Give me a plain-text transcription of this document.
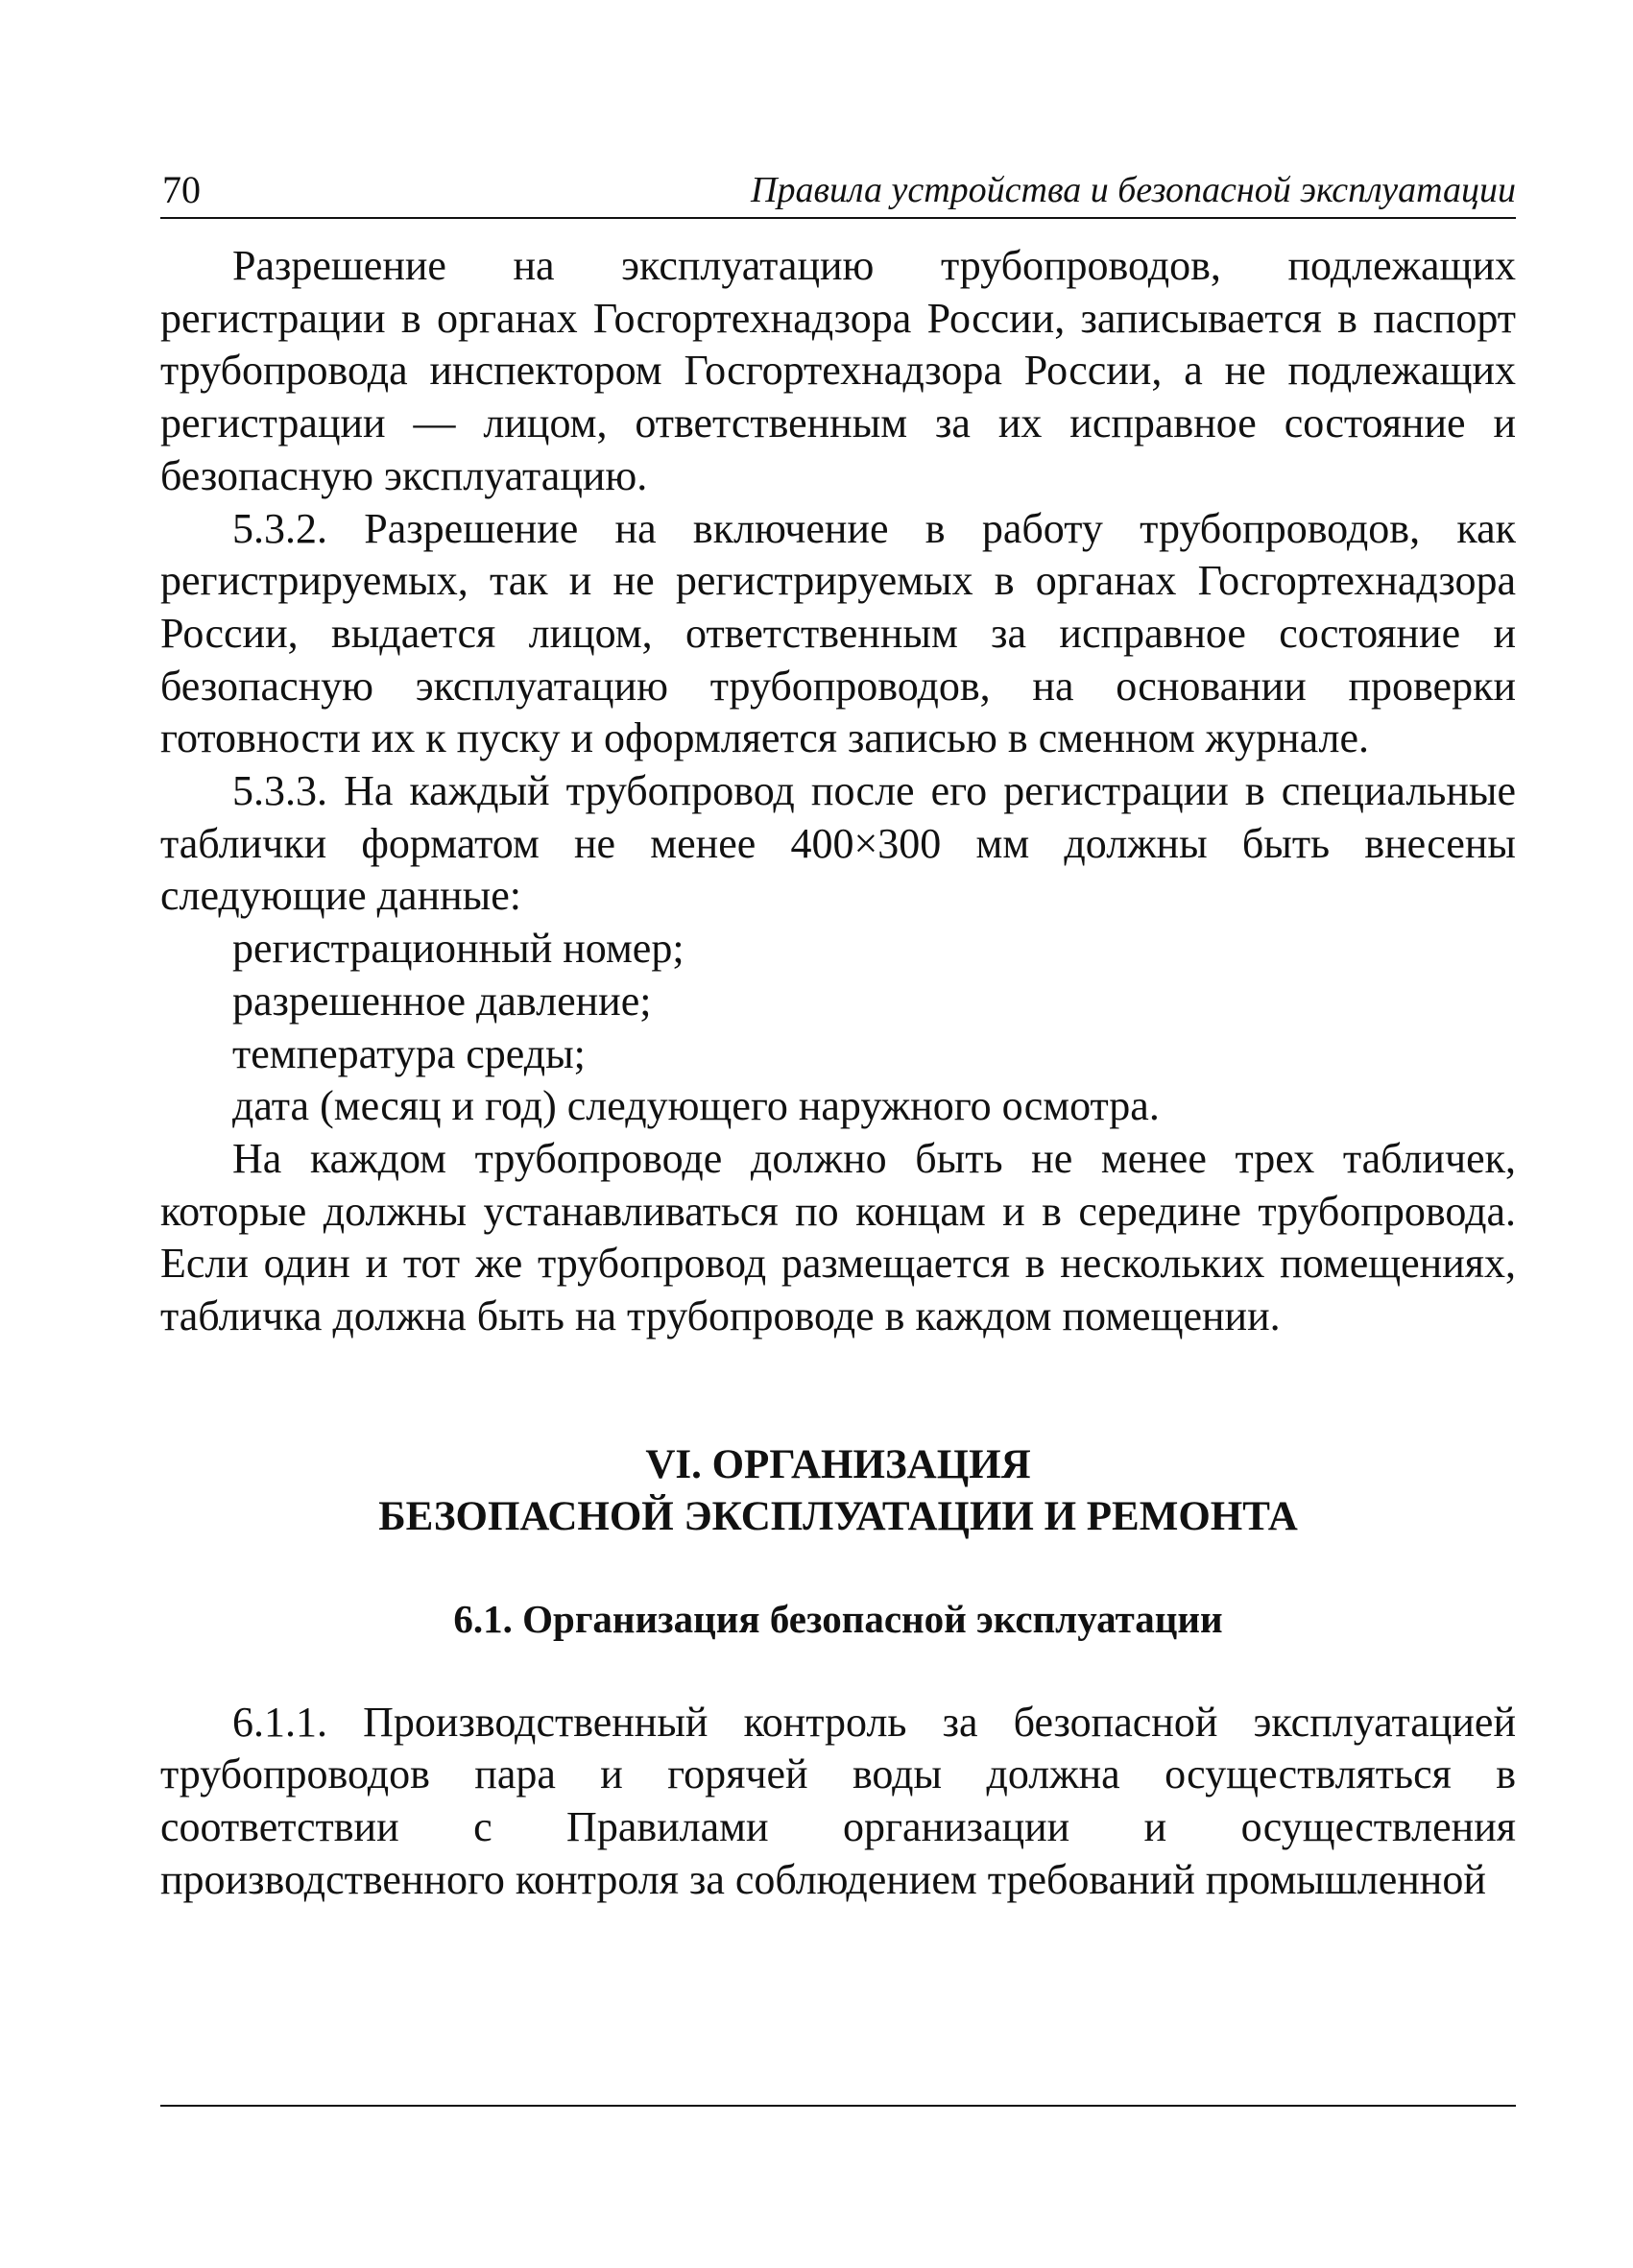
70	Правила устройства и безопасной эксплуатации

Разрешение на эксплуатацию трубопроводов, подлежащих регистрации в органах Госгортехнадзора России, записывается в паспорт трубопровода инспектором Госгортехнадзора России, а не подлежащих регистрации — лицом, ответственным за их исправное состояние и безопасную эксплуатацию.

5.3.2. Разрешение на включение в работу трубопроводов, как регистрируемых, так и не регистрируемых в органах Госгортехнадзора России, выдается лицом, ответственным за исправное состояние и безопасную эксплуатацию трубопроводов, на основании проверки готовности их к пуску и оформляется записью в сменном журнале.

5.3.3. На каждый трубопровод после его регистрации в специальные таблички форматом не менее 400×300 мм должны быть внесены следующие данные:

регистрационный номер;

разрешенное давление;

температура среды;

дата (месяц и год) следующего наружного осмотра.

На каждом трубопроводе должно быть не менее трех табличек, которые должны устанавливаться по концам и в середине трубопровода. Если один и тот же трубопровод размещается в нескольких помещениях, табличка должна быть на трубопроводе в каждом помещении.

VI. ОРГАНИЗАЦИЯ
БЕЗОПАСНОЙ ЭКСПЛУАТАЦИИ И РЕМОНТА
6.1. Организация безопасной эксплуатации

6.1.1. Производственный контроль за безопасной эксплуатацией трубопроводов пара и горячей воды должна осуществляться в соответствии с Правилами организации и осуществления производственного контроля за соблюдением требований промышленной
